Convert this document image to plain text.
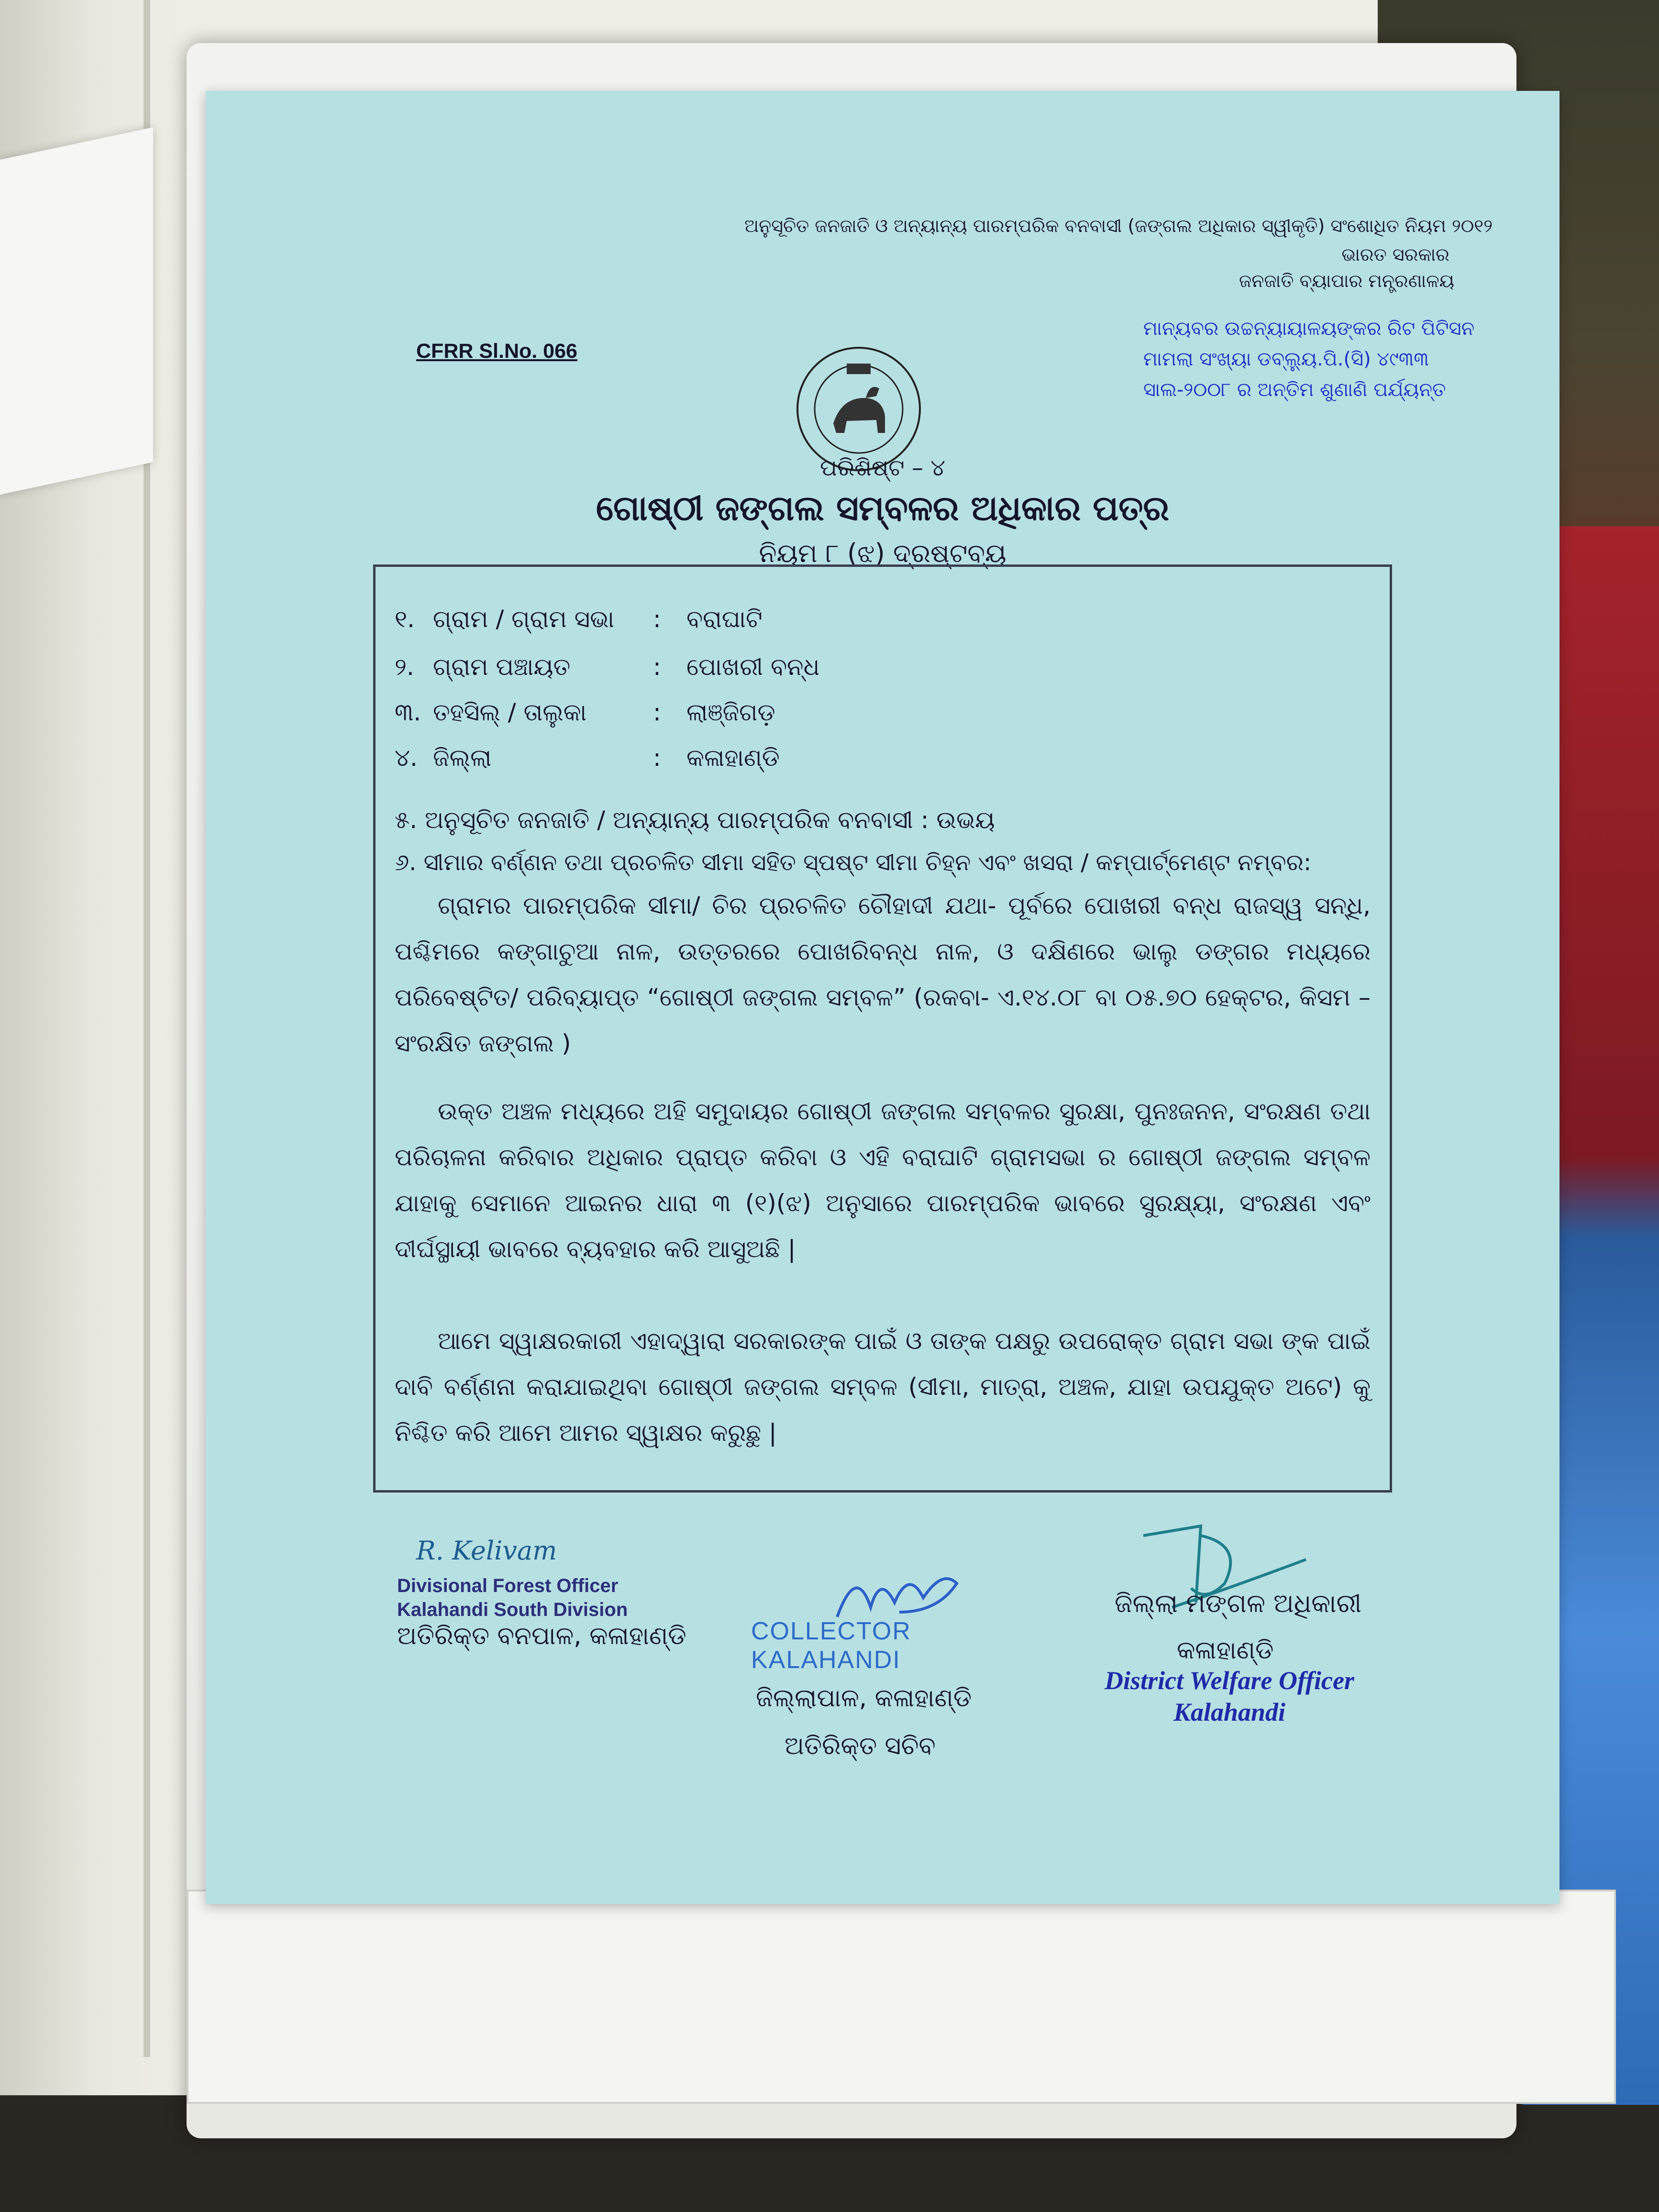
ଅନୁସୂଚିତ ଜନଜାତି ଓ ଅନ୍ୟାନ୍ୟ ପାରମ୍ପରିକ ବନବାସୀ (ଜଙ୍ଗଲ ଅଧିକାର ସ୍ୱୀକୃତି) ସଂଶୋଧିତ ନିୟମ ୨୦୧୨
ଭାରତ ସରକାର
ଜନଜାତି ବ୍ୟାପାର ମନ୍ତ୍ରଣାଳୟ
CFRR Sl.No. 066
ମାନ୍ୟବର ଉଚ୍ଚନ୍ୟାୟାଳୟଙ୍କର ରିଟ ପିଟିସନ
ମାମଲା ସଂଖ୍ୟା ଡବ୍ଲ୍ୟୁ.ପି.(ସି) ୪୯୩୩
ସାଲ-୨୦୦୮ ର ଅନ୍ତିମ ଶୁଣାଣି ପର୍ଯ୍ୟନ୍ତ
ପରିଶିଷ୍ଟ – ୪
ଗୋଷ୍ଠୀ ଜଙ୍ଗଲ ସମ୍ବଳର ଅଧିକାର ପତ୍ର
ନିୟମ ୮ (ଝ) ଦ୍ରଷ୍ଟବ୍ୟ
୧. ଗ୍ରାମ / ଗ୍ରାମ ସଭା : ବରାଘାଟି
୨. ଗ୍ରାମ ପଞ୍ଚାୟତ	: ପୋଖରୀ ବନ୍ଧ
୩. ତହସିଲ୍ / ତାଲୁକା	: ଲାଞ୍ଜିଗଡ଼
୪. ଜିଲ୍ଲା	: କଳାହାଣ୍ଡି
୫. ଅନୁସୂଚିତ ଜନଜାତି / ଅନ୍ୟାନ୍ୟ ପାରମ୍ପରିକ ବନବାସୀ : ଉଭୟ
୬. ସୀମାର ବର୍ଣ୍ଣନ ତଥା ପ୍ରଚଳିତ ସୀମା ସହିତ ସ୍ପଷ୍ଟ ସୀମା ଚିହ୍ନ ଏବଂ ଖସରା / କମ୍ପାର୍ଟ୍ମେଣ୍ଟ ନମ୍ବର:
ଗ୍ରାମର ପାରମ୍ପରିକ ସୀମା/ ଚିର ପ୍ରଚଳିତ ଚୌହାଦୀ ଯଥା- ପୂର୍ବରେ ପୋଖରୀ ବନ୍ଧ ରାଜସ୍ୱ ସନ୍ଧି, ପଶ୍ଚିମରେ କଙ୍ଗାଚୁଆ ନାଳ, ଉତ୍ତରରେ ପୋଖରିବନ୍ଧ ନାଳ, ଓ ଦକ୍ଷିଣରେ ଭାଲୁ ଡଙ୍ଗର ମଧ୍ୟରେ ପରିବେଷ୍ଟିତ/ ପରିବ୍ୟାପ୍ତ “ଗୋଷ୍ଠୀ ଜଙ୍ଗଲ ସମ୍ବଳ” (ରକବା- ଏ.୧୪.୦୮ ବା ୦୫.୭୦ ହେକ୍ଟର, କିସମ – ସଂରକ୍ଷିତ ଜଙ୍ଗଲ )
ଉକ୍ତ ଅଞ୍ଚଳ ମଧ୍ୟରେ ଅହି ସମୁଦାୟର ଗୋଷ୍ଠୀ ଜଙ୍ଗଲ ସମ୍ବଳର ସୁରକ୍ଷା, ପୁନଃଜନନ, ସଂରକ୍ଷଣ ତଥା ପରିଚାଳନା କରିବାର ଅଧିକାର ପ୍ରାପ୍ତ କରିବା ଓ ଏହି ବରାଘାଟି ଗ୍ରାମସଭା ର ଗୋଷ୍ଠୀ ଜଙ୍ଗଲ ସମ୍ବଳ ଯାହାକୁ ସେମାନେ ଆଇନର ଧାରା ୩ (୧)(ଝ) ଅନୁସାରେ ପାରମ୍ପରିକ ଭାବରେ ସୁରକ୍ଷ୍ୟା, ସଂରକ୍ଷଣ ଏବଂ ଦୀର୍ଘସ୍ଥାୟୀ ଭାବରେ ବ୍ୟବହାର କରି ଆସୁଅଛି |
ଆମେ ସ୍ୱାକ୍ଷରକାରୀ ଏହାଦ୍ୱାରା ସରକାରଙ୍କ ପାଇଁ ଓ ତାଙ୍କ ପକ୍ଷରୁ ଉପରୋକ୍ତ ଗ୍ରାମ ସଭା ଙ୍କ ପାଇଁ ଦାବି ବର୍ଣ୍ଣନା କରାଯାଇଥିବା ଗୋଷ୍ଠୀ ଜଙ୍ଗଲ ସମ୍ବଳ (ସୀମା, ମାତ୍ରା, ଅଞ୍ଚଳ, ଯାହା ଉପଯୁକ୍ତ ଅଟେ) କୁ ନିଶ୍ଚିତ କରି ଆମେ ଆମର ସ୍ୱାକ୍ଷର କରୁଛୁ |
R. Kelivam
Divisional Forest Officer
Kalahandi South Division
ଅତିରିକ୍ତ ବନପାଳ, କଳାହାଣ୍ଡି	COLLECTOR
KALAHANDI
ଜିଲ୍ଲାପାଳ, କଳାହାଣ୍ଡି
ଅତିରିକ୍ତ ସଚିବ
ଜିଲ୍ଲା ମଙ୍ଗଳ ଅଧିକାରୀ
କଳାହାଣ୍ଡି
District Welfare Officer
Kalahandi
